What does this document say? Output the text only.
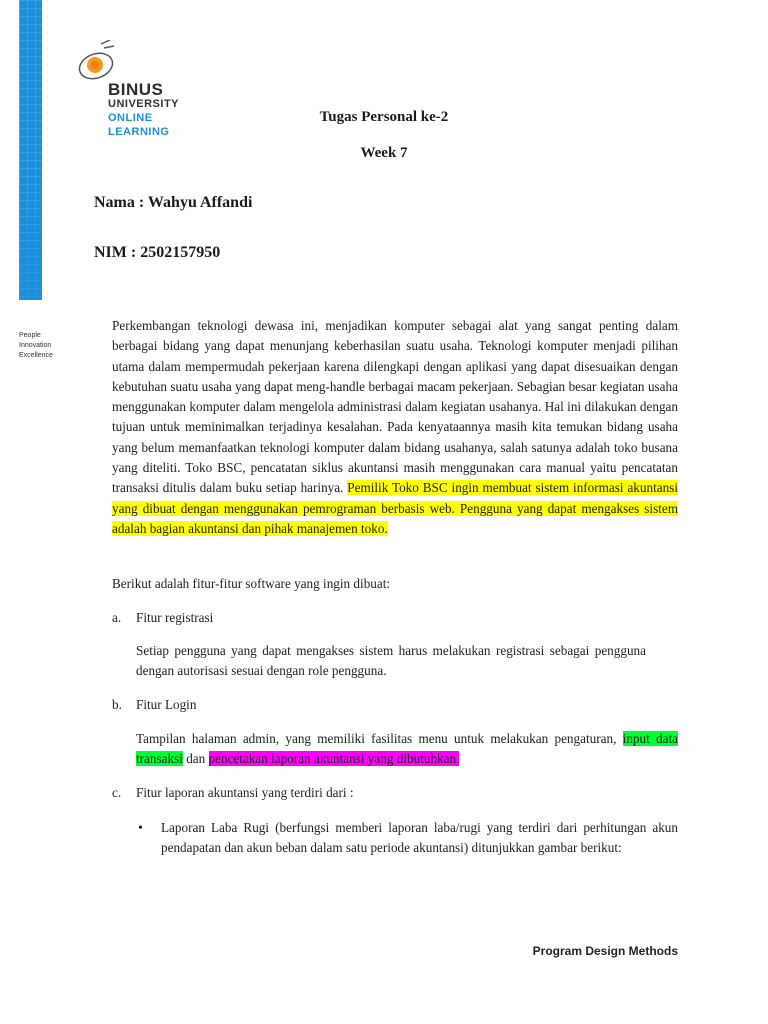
People
Innovation
Excellence
BINUS
UNIVERSITY
ONLINE
LEARNING
Tugas Personal ke-2
Week 7
Nama : Wahyu Affandi
NIM : 2502157950
Perkembangan teknologi dewasa ini, menjadikan komputer sebagai alat yang sangat penting dalam berbagai bidang yang dapat menunjang keberhasilan suatu usaha. Teknologi komputer menjadi pilihan utama dalam mempermudah pekerjaan karena dilengkapi dengan aplikasi yang dapat disesuaikan dengan kebutuhan suatu usaha yang dapat meng-handle berbagai macam pekerjaan. Sebagian besar kegiatan usaha menggunakan komputer dalam mengelola administrasi dalam kegiatan usahanya. Hal ini dilakukan dengan tujuan untuk meminimalkan terjadinya kesalahan. Pada kenyataannya masih kita temukan bidang usaha yang belum memanfaatkan teknologi komputer dalam bidang usahanya, salah satunya adalah toko busana yang diteliti. Toko BSC, pencatatan siklus akuntansi masih menggunakan cara manual yaitu pencatatan transaksi ditulis dalam buku setiap harinya. Pemilik Toko BSC ingin membuat sistem informasi akuntansi yang dibuat dengan menggunakan pemrograman berbasis web. Pengguna yang dapat mengakses sistem adalah bagian akuntansi dan pihak manajemen toko.
Berikut adalah fitur-fitur software yang ingin dibuat:
a. Fitur registrasi
Setiap pengguna yang dapat mengakses sistem harus melakukan registrasi sebagai pengguna dengan autorisasi sesuai dengan role pengguna.
b. Fitur Login
Tampilan halaman admin, yang memiliki fasilitas menu untuk melakukan pengaturan, input data transaksi dan pencetakan laporan akuntansi yang dibutuhkan.
c. Fitur laporan akuntansi yang terdiri dari :
• Laporan Laba Rugi (berfungsi memberi laporan laba/rugi yang terdiri dari perhitungan akun pendapatan dan akun beban dalam satu periode akuntansi) ditunjukkan gambar berikut:
Program Design Methods
